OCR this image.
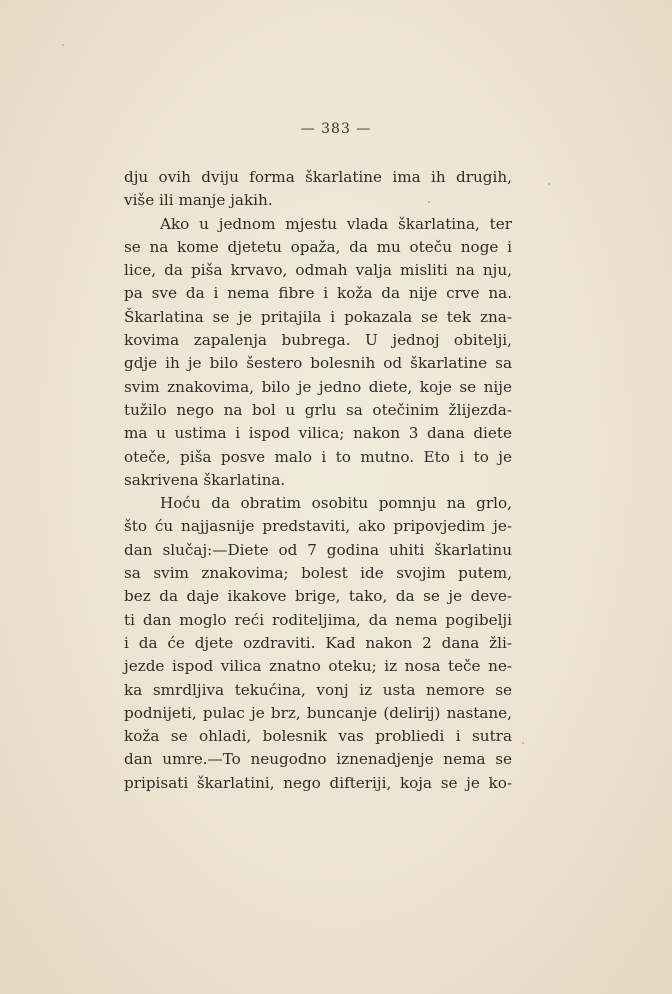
— 383 —
dju ovih dviju forma škarlatine ima ih drugih,
više ili manje jakih.
Ako u jednom mjestu vlada škarlatina, ter
se na kome djetetu opaža, da mu oteču noge i
lice, da piša krvavo, odmah valja misliti na nju,
pa sve da i nema fibre i koža da nije crve na.
Škarlatina se je pritajila i pokazala se tek zna-
kovima zapalenja bubrega. U jednoj obitelji,
gdje ih je bilo šestero bolesnih od škarlatine sa
svim znakovima, bilo je jedno diete, koje se nije
tužilo nego na bol u grlu sa otečinim žlijezda-
ma u ustima i ispod vilica; nakon 3 dana diete
oteče, piša posve malo i to mutno. Eto i to je
sakrivena škarlatina.
Hoću da obratim osobitu pomnju na grlo,
što ću najjasnije predstaviti, ako pripovjedim je-
dan slučaj:—Diete od 7 godina uhiti škarlatinu
sa svim znakovima; bolest ide svojim putem,
bez da daje ikakove brige, tako, da se je deve-
ti dan moglo reći roditeljima, da nema pogibelji
i da će djete ozdraviti. Kad nakon 2 dana žli-
jezde ispod vilica znatno oteku; iz nosa teče ne-
ka smrdljiva tekućina, vonj iz usta nemore se
podnijeti, pulac je brz, buncanje (delirij) nastane,
koža se ohladi, bolesnik vas probliedi i sutra
dan umre.—To neugodno iznenadjenje nema se
pripisati škarlatini, nego difteriji, koja se je ko-
